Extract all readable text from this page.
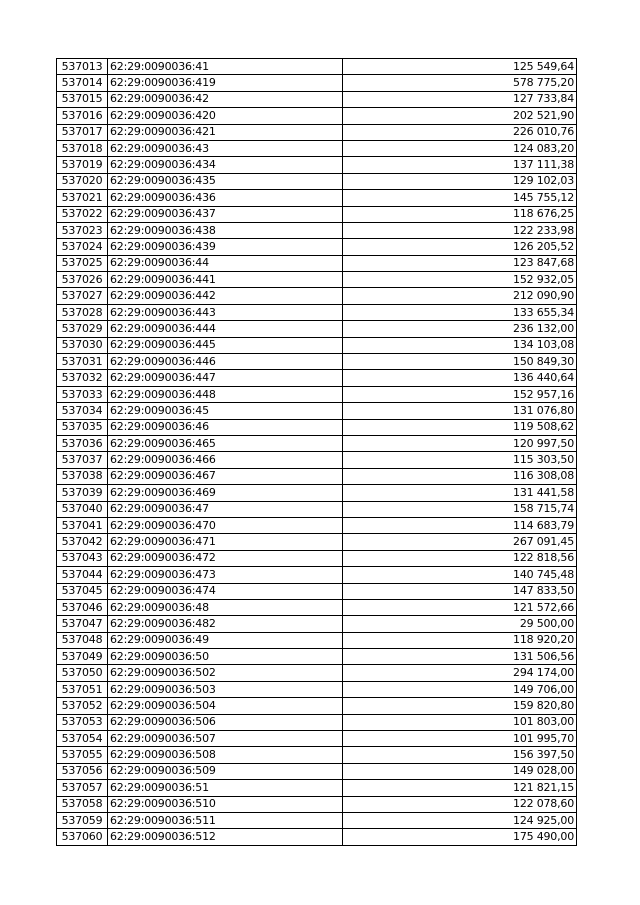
537013	62:29:0090036:41	125 549,64
537014	62:29:0090036:419	578 775,20
537015	62:29:0090036:42	127 733,84
537016	62:29:0090036:420	202 521,90
537017	62:29:0090036:421	226 010,76
537018	62:29:0090036:43	124 083,20
537019	62:29:0090036:434	137 111,38
537020	62:29:0090036:435	129 102,03
537021	62:29:0090036:436	145 755,12
537022	62:29:0090036:437	118 676,25
537023	62:29:0090036:438	122 233,98
537024	62:29:0090036:439	126 205,52
537025	62:29:0090036:44	123 847,68
537026	62:29:0090036:441	152 932,05
537027	62:29:0090036:442	212 090,90
537028	62:29:0090036:443	133 655,34
537029	62:29:0090036:444	236 132,00
537030	62:29:0090036:445	134 103,08
537031	62:29:0090036:446	150 849,30
537032	62:29:0090036:447	136 440,64
537033	62:29:0090036:448	152 957,16
537034	62:29:0090036:45	131 076,80
537035	62:29:0090036:46	119 508,62
537036	62:29:0090036:465	120 997,50
537037	62:29:0090036:466	115 303,50
537038	62:29:0090036:467	116 308,08
537039	62:29:0090036:469	131 441,58
537040	62:29:0090036:47	158 715,74
537041	62:29:0090036:470	114 683,79
537042	62:29:0090036:471	267 091,45
537043	62:29:0090036:472	122 818,56
537044	62:29:0090036:473	140 745,48
537045	62:29:0090036:474	147 833,50
537046	62:29:0090036:48	121 572,66
537047	62:29:0090036:482	29 500,00
537048	62:29:0090036:49	118 920,20
537049	62:29:0090036:50	131 506,56
537050	62:29:0090036:502	294 174,00
537051	62:29:0090036:503	149 706,00
537052	62:29:0090036:504	159 820,80
537053	62:29:0090036:506	101 803,00
537054	62:29:0090036:507	101 995,70
537055	62:29:0090036:508	156 397,50
537056	62:29:0090036:509	149 028,00
537057	62:29:0090036:51	121 821,15
537058	62:29:0090036:510	122 078,60
537059	62:29:0090036:511	124 925,00
537060	62:29:0090036:512	175 490,00
